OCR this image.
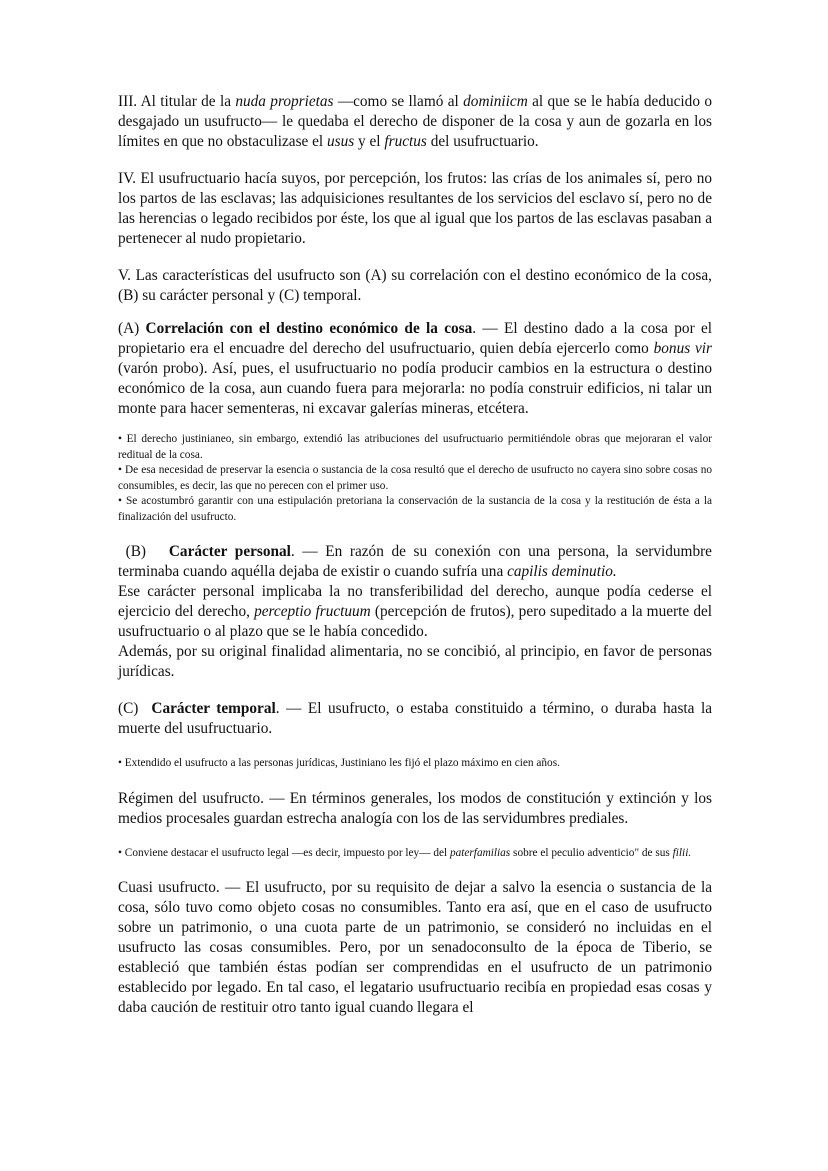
III. Al titular de la nuda proprietas —como se llamó al dominiicm al que se le había deducido o desgajado un usufructo— le quedaba el derecho de disponer de la cosa y aun de gozarla en los límites en que no obstaculizase el usus y el fructus del usufructuario.

IV. El usufructuario hacía suyos, por percepción, los frutos: las crías de los animales sí, pero no los partos de las esclavas; las adquisiciones resultantes de los servicios del esclavo sí, pero no de las herencias o legado recibidos por éste, los que al igual que los partos de las esclavas pasaban a pertenecer al nudo propietario.

V. Las características del usufructo son (A) su correlación con el destino económico de la cosa, (B) su carácter personal y (C) temporal.

(A) Correlación con el destino económico de la cosa. — El destino dado a la cosa por el propietario era el encuadre del derecho del usufructuario, quien debía ejercerlo como bonus vir (varón probo). Así, pues, el usufructuario no podía producir cambios en la estructura o destino económico de la cosa, aun cuando fuera para mejorarla: no podía construir edificios, ni talar un monte para hacer sementeras, ni excavar galerías mineras, etcétera.

• El derecho justinianeo, sin embargo, extendió las atribuciones del usufructuario permitiéndole obras que mejoraran el valor reditual de la cosa.

• De esa necesidad de preservar la esencia o sustancia de la cosa resultó que el derecho de usufructo no cayera sino sobre cosas no consumibles, es decir, las que no perecen con el primer uso.

• Se acostumbró garantir con una estipulación pretoriana la conservación de la sustancia de la cosa y la restitución de ésta a la finalización del usufructo.

(B)   Carácter personal. — En razón de su conexión con una persona, la servidumbre terminaba cuando aquélla dejaba de existir o cuando sufría una capilis deminutio.
Ese carácter personal implicaba la no transferibilidad del derecho, aunque podía cederse el ejercicio del derecho, perceptio fructuum (percepción de frutos), pero supeditado a la muerte del usufructuario o al plazo que se le había concedido.
Además, por su original finalidad alimentaria, no se concibió, al principio, en favor de personas jurídicas.

(C)  Carácter temporal. — El usufructo, o estaba constituido a término, o duraba hasta la muerte del usufructuario.

• Extendido el usufructo a las personas jurídicas, Justiniano les fijó el plazo máximo en cien años.

Régimen del usufructo. — En términos generales, los modos de constitución y extinción y los medios procesales guardan estrecha analogía con los de las servidumbres prediales.

• Conviene destacar el usufructo legal —es decir, impuesto por ley— del paterfamilias sobre el peculio adventicio" de sus filii.

Cuasi usufructo. — El usufructo, por su requisito de dejar a salvo la esencia o sustancia de la cosa, sólo tuvo como objeto cosas no consumibles. Tanto era así, que en el caso de usufructo sobre un patrimonio, o una cuota parte de un patrimonio, se consideró no incluidas en el usufructo las cosas consumibles. Pero, por un senadoconsulto de la época de Tiberio, se estableció que también éstas podían ser comprendidas en el usufructo de un patrimonio establecido por legado. En tal caso, el legatario usufructuario recibía en propiedad esas cosas y daba caución de restituir otro tanto igual cuando llegara el
